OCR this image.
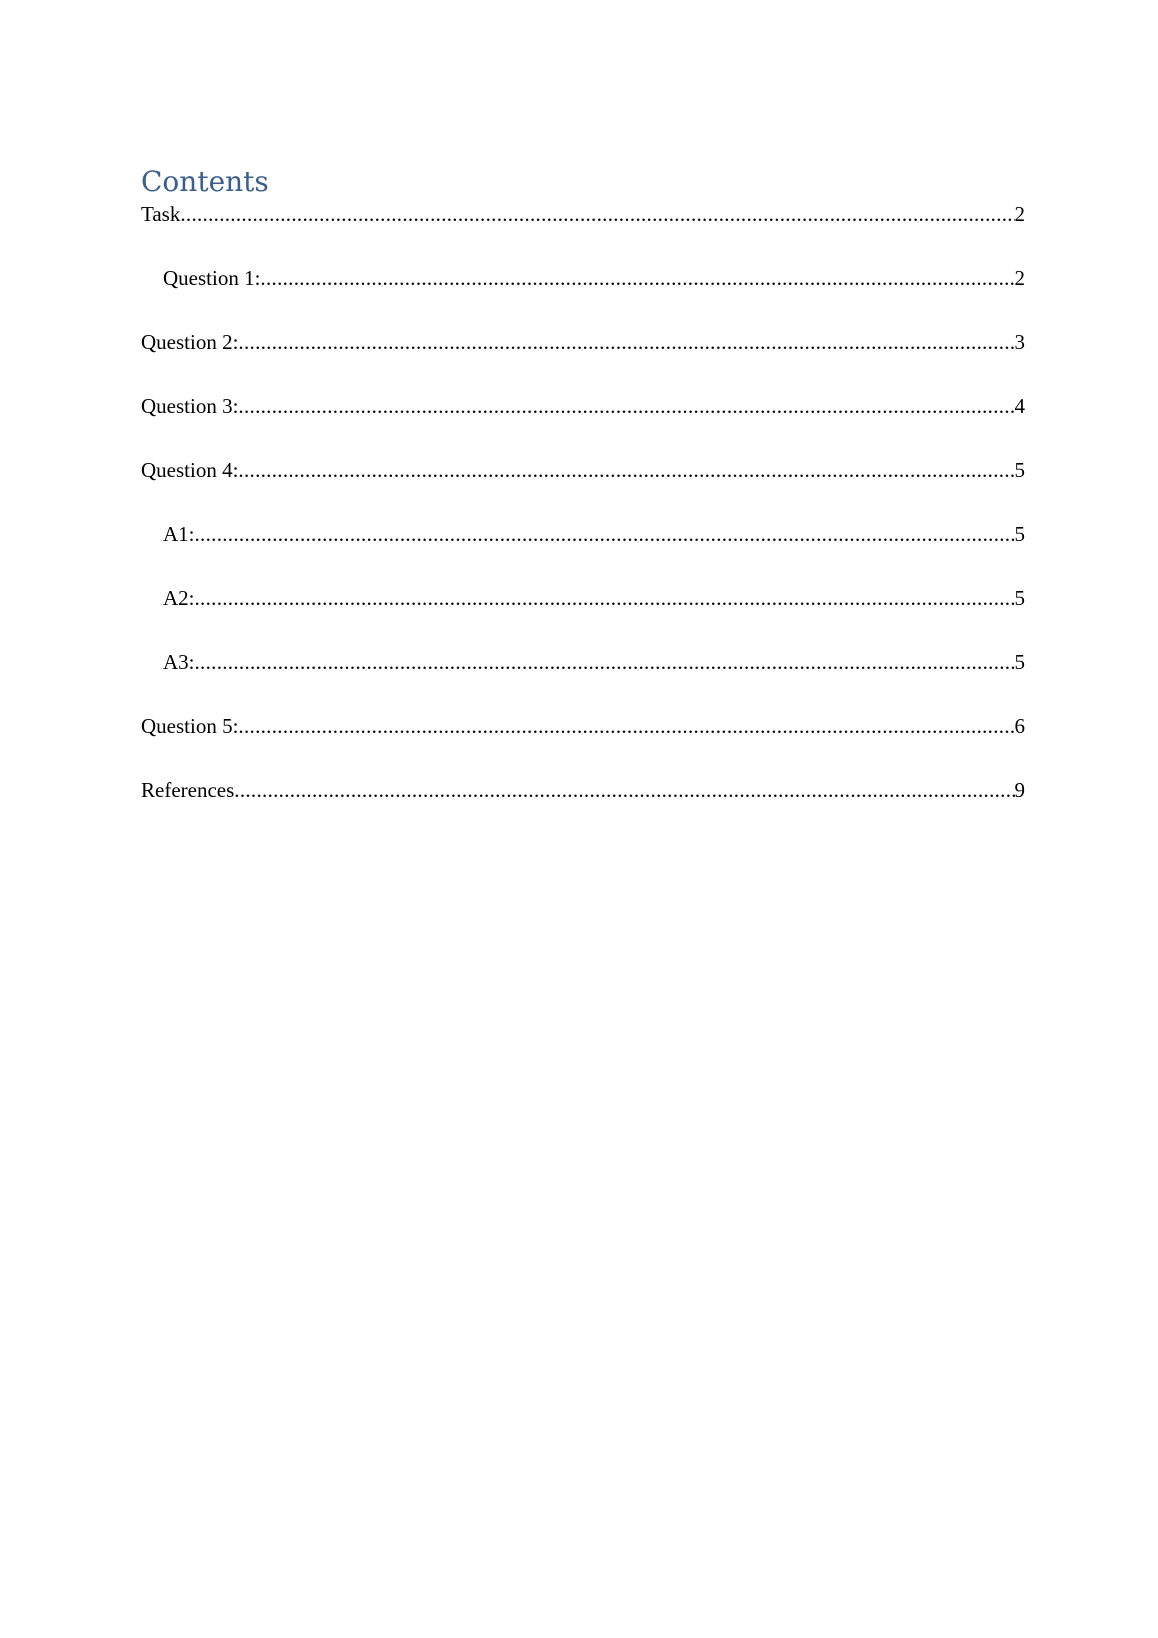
Contents
Task .....	2
Question 1: .....	2
Question 2: .....	3
Question 3: .....	4
Question 4: .....	5
A1: .....	5
A2: .....	5
A3: .....	5
Question 5: .....	6
References .....	9
